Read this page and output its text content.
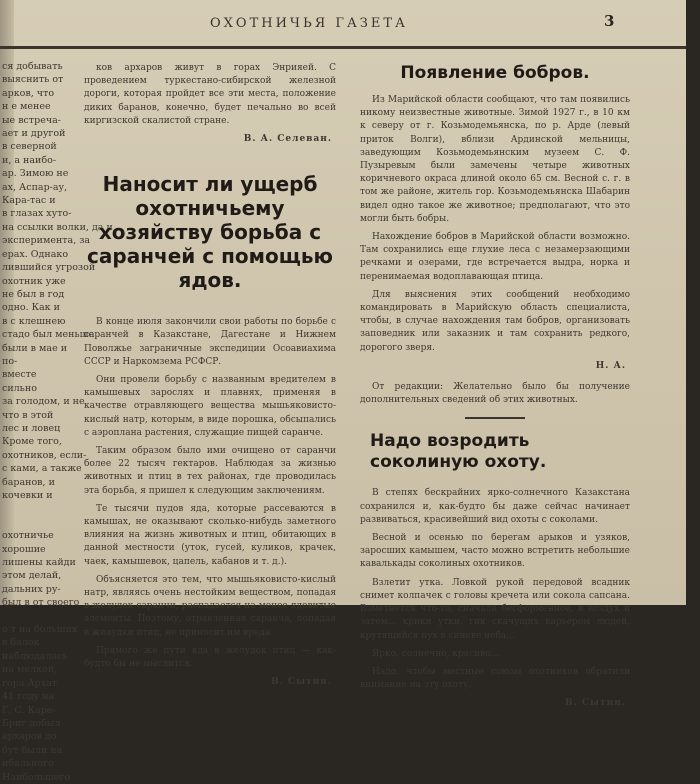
ОХОТНИЧЬЯ ГАЗЕТА	3
ся добывать
выяснить от
арков, что
н е менее
ые встреча-
ает и другой
в северной
и, а наибо-
ар. Зимою не
ах, Аспар-ау,
Кара-тас и
в глазах хуто-
на ссылки волки, да и
эксперимента, за
ерах. Однако
лившийся угрозой
охотник уже
не был в год
одно. Как и
в с клешнею
стадо был меньше
были в мае и
по-
вместе
сильно
за голодом, и не
что в этой
лес и ловец
Кроме того,
охотников, если-
с ками, а также
баранов, и
кочевки и

охотничье
хорошие
лишены кайди
этом делай,
дальних ру-
был в от своего

о т на больших
в балок
наблюдалась
на мелкой,
гора Архат
41 году на
Г. С. Каре-
Бриг добыл
архаров до
бут были на
ибального
Наибольшего

ков архаров живут в горах Энрияей. С проведением туркестано-сибирской железной дороги, которая пройдет все эти места, положение диких баранов, конечно, будет печально во всей киргизской скалистой стране.

В. А. Селеван.
Наносит ли ущерб охотничьему хозяйству борьба с саранчей с помощью ядов.

В конце июля закончили свои работы по борьбе с саранчей в Казакстане, Дагестане и Нижнем Поволжье заграничные экспедиции Осоавиахима СССР и Наркомзема РСФСР.

Они провели борьбу с названным вредителем в камышевых зарослях и плавнях, применяя в качестве отравляющего вещества мышьяковисто-кислый натр, которым, в виде порошка, обсыпались с аэроплана растения, служащие пищей саранче.

Таким образом было ими очищено от саранчи более 22 тысяч гектаров. Наблюдая за жизнью животных и птиц в тех районах, где проводилась эта борьба, я пришел к следующим заключениям.

Те тысячи пудов яда, которые рассеваются в камышах, не оказывают сколько-нибудь заметного влияния на жизнь животных и птиц, обитающих в данной местности (уток, гусей, куликов, крачек, чаек, камышевок, цапель, кабанов и т. д.).

Объясняется это тем, что мышьяковисто-кислый натр, являясь очень нестойким веществом, попадая в желудок саранчи, распадается на менее ядовитые элементы. Поэтому, отравленная саранча, попадая в желудки птиц, не приносит им вреда.

Прямого же пути яда в желудок птиц — как-будто бы не мыслится.

В. Сытин.
Появление бобров.

Из Марийской области сообщают, что там появились никому неизвестные животные. Зимой 1927 г., в 10 км к северу от г. Козьмодемьянска, по р. Арде (левый приток Волги), вблизи Ардинской мельницы, заведующим Козьмодемьянским музеем С. Ф. Пузыревым были замечены четыре животных коричневого окраса длиной около 65 см. Весной с. г. в том же районе, житель гор. Козьмодемьянска Шабарин видел одно такое же животное; предполагают, что это могли быть бобры.

Нахождение бобров в Марийской области возможно. Там сохранились еще глухие леса с незамерзающими речками и озерами, где встречается выдра, норка и перенимаемая водоплавающая птица.

Для выяснения этих сообщений необходимо командировать в Марийскую область специалиста, чтобы, в случае нахождения там бобров, организовать заповедник или заказник и там сохранить редкого, дорогого зверя.

Н. А.

От редакции: Желательно было бы получение дополнительных сведений об этих животных.

Надо возродить соколиную охоту.

В степях бескрайних ярко-солнечного Казакстана сохранился и, как-будто бы даже сейчас начинает развиваться, красивейший вид охоты с соколами.

Весной и осенью по берегам арыков и узяков, заросших камышем, часто можно встретить небольшие кавалькады соколиных охотников.

Взлетит утка. Ловкой рукой передовой всадник снимет колпачек с головы кречета или сокола сапсана. Взметнется что-то, сначала бесформенное, в воздух и затем... крики утки, гик скачущих карьером людей, крутящийся пух в синеве неба...

Ярко, солнечно, красиво...

Надо, чтобы местные союзы охотников обратили внимание на эту охоту.

В. Сытин.
